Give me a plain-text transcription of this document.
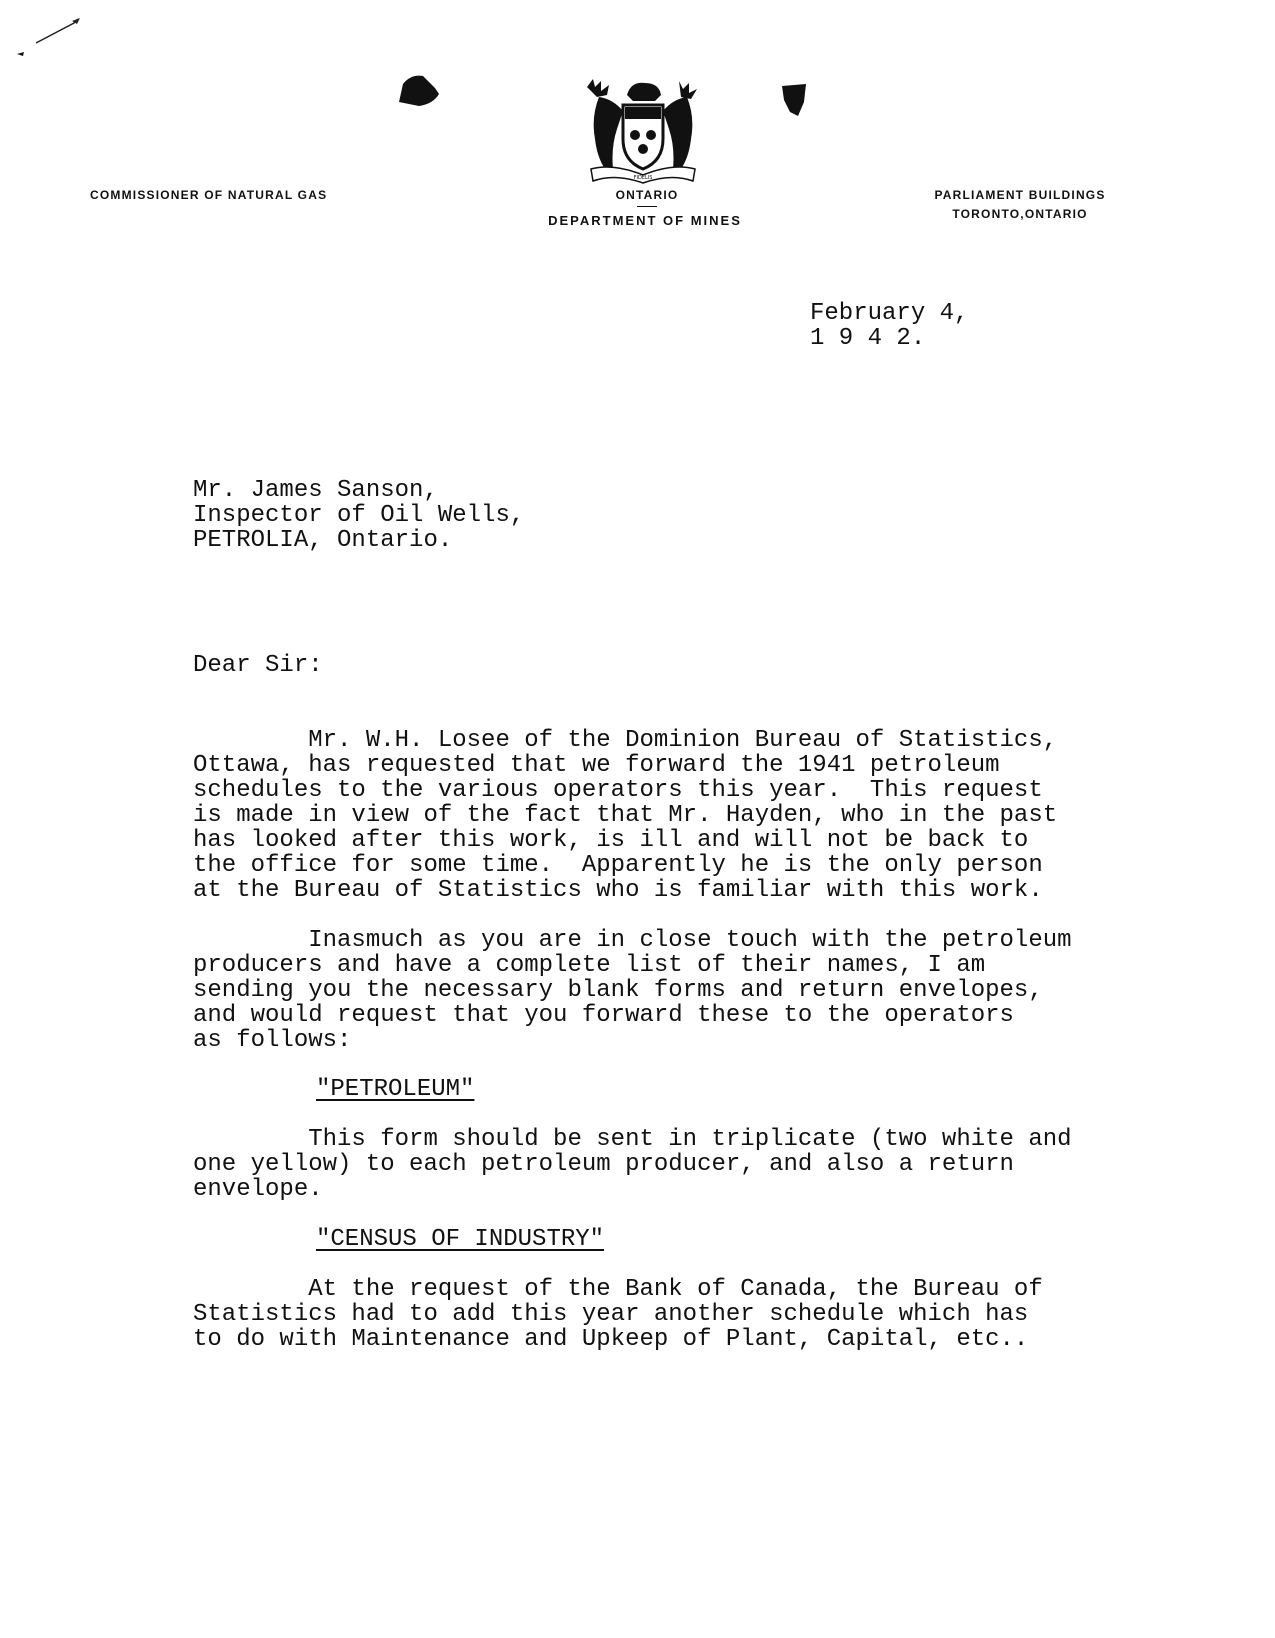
FIDELIS
COMMISSIONER OF NATURAL GAS	ONTARIO
DEPARTMENT OF MINES
PARLIAMENT BUILDINGS
TORONTO,ONTARIO
February 4,
1 9 4 2.
Mr. James Sanson,
Inspector of Oil Wells,
PETROLIA, Ontario.
Dear Sir:
Mr. W.H. Losee of the Dominion Bureau of Statistics,
Ottawa, has requested that we forward the 1941 petroleum
schedules to the various operators this year.  This request
is made in view of the fact that Mr. Hayden, who in the past
has looked after this work, is ill and will not be back to
the office for some time.  Apparently he is the only person
at the Bureau of Statistics who is familiar with this work.
Inasmuch as you are in close touch with the petroleum
producers and have a complete list of their names, I am
sending you the necessary blank forms and return envelopes,
and would request that you forward these to the operators
as follows:
"PETROLEUM"
This form should be sent in triplicate (two white and
one yellow) to each petroleum producer, and also a return
envelope.
"CENSUS OF INDUSTRY"
At the request of the Bank of Canada, the Bureau of
Statistics had to add this year another schedule which has
to do with Maintenance and Upkeep of Plant, Capital, etc..
